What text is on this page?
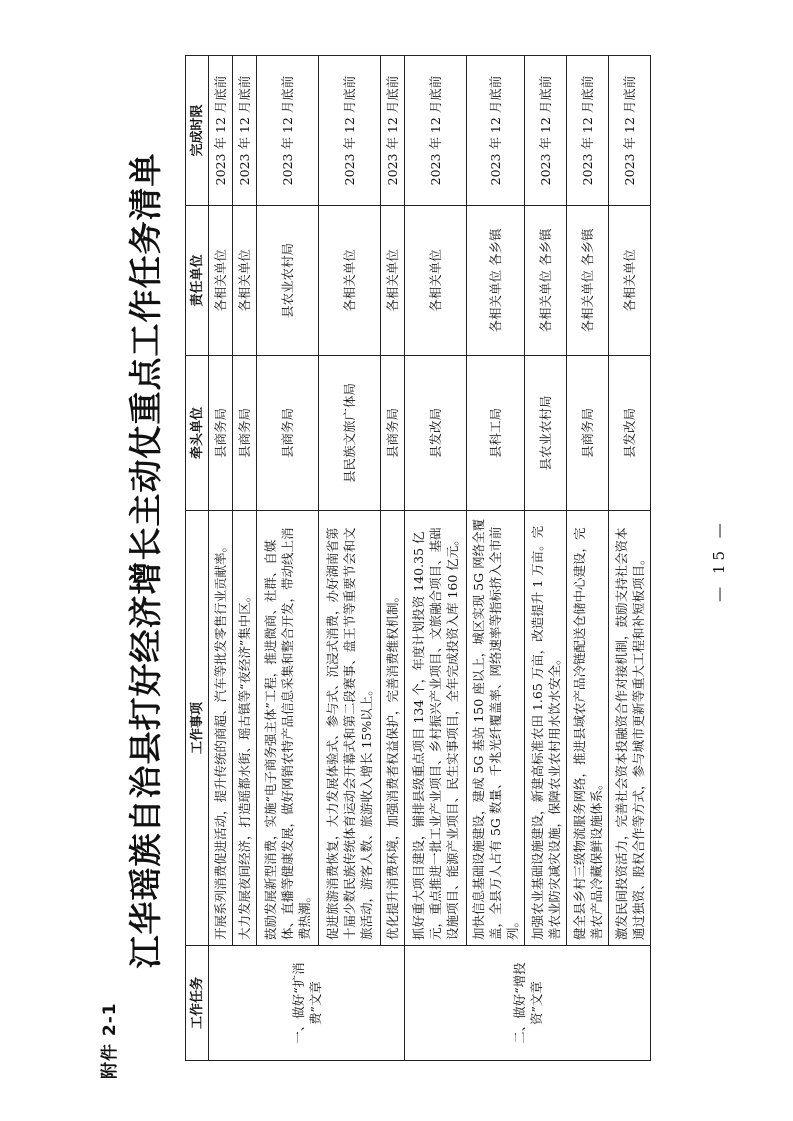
附件 2-1
江华瑶族自治县打好经济增长主动仗重点工作任务清单
工作任务	工作事项	牵头单位	责任单位	完成时限
一、做好“扩消费”文章	开展系列消费促进活动，提升传统的商超、汽车等批发零售行业贡献率。	县商务局	各相关单位	2023 年 12 月底前
	大力发展夜间经济，打造瑶都水街、瑶古镇等“夜经济”集中区。	县商务局	各相关单位	2023 年 12 月底前
	鼓励发展新型消费，实施“电子商务强主体”工程，推进微商、社群、自媒体、直播等健康发展，做好网销农特产品信息采集和整合开发，带动线上消费热潮。	县商务局	县农业农村局	2023 年 12 月底前
	促进旅游消费恢复，大力发展体验式、参与式、沉浸式消费，办好湖南省第十届少数民族传统体育运动会开幕式和第二段赛事、盘王节等重要节会和文旅活动，游客人数、旅游收入增长 15%以上。	县民族文旅广体局	各相关单位	2023 年 12 月底前
	优化提升消费环境，加强消费者权益保护，完善消费维权机制。	县商务局	各相关单位	2023 年 12 月底前
二、做好“增投资”文章	抓好重大项目建设，铺排县级重点项目 134 个，年度计划投资 140.35 亿元，重点推进一批工业产业项目、乡村振兴产业项目、文旅融合项目、基础设施项目、能源产业项目、民生实事项目，全年完成投资入库 160 亿元。	县发改局	各相关单位	2023 年 12 月底前
	加快信息基础设施建设，建成 5G 基站 150 座以上，城区实现 5G 网络全覆盖，全县万人占有 5G 数量、千兆光纤覆盖率、网络速率等指标挤入全市前列。	县科工局	各相关单位 各乡镇	2023 年 12 月底前
	加强农业基础设施建设，新建高标准农田 1.65 万亩，改造提升 1 万亩。完善农业防灾减灾设施，保障农业农村用水饮水安全。	县农业农村局	各相关单位 各乡镇	2023 年 12 月底前
	健全县乡村三级物流服务网络，推进县域农产品冷链配送仓储中心建设，完善农产品冷藏保鲜设施体系。	县商务局	各相关单位 各乡镇	2023 年 12 月底前
	激发民间投资活力，完善社会资本投融资合作对接机制，鼓励支持社会资本通过独资、股权合作等方式，参与城市更新等重大工程和补短板项目。	县发改局	各相关单位	2023 年 12 月底前
— 15 —
